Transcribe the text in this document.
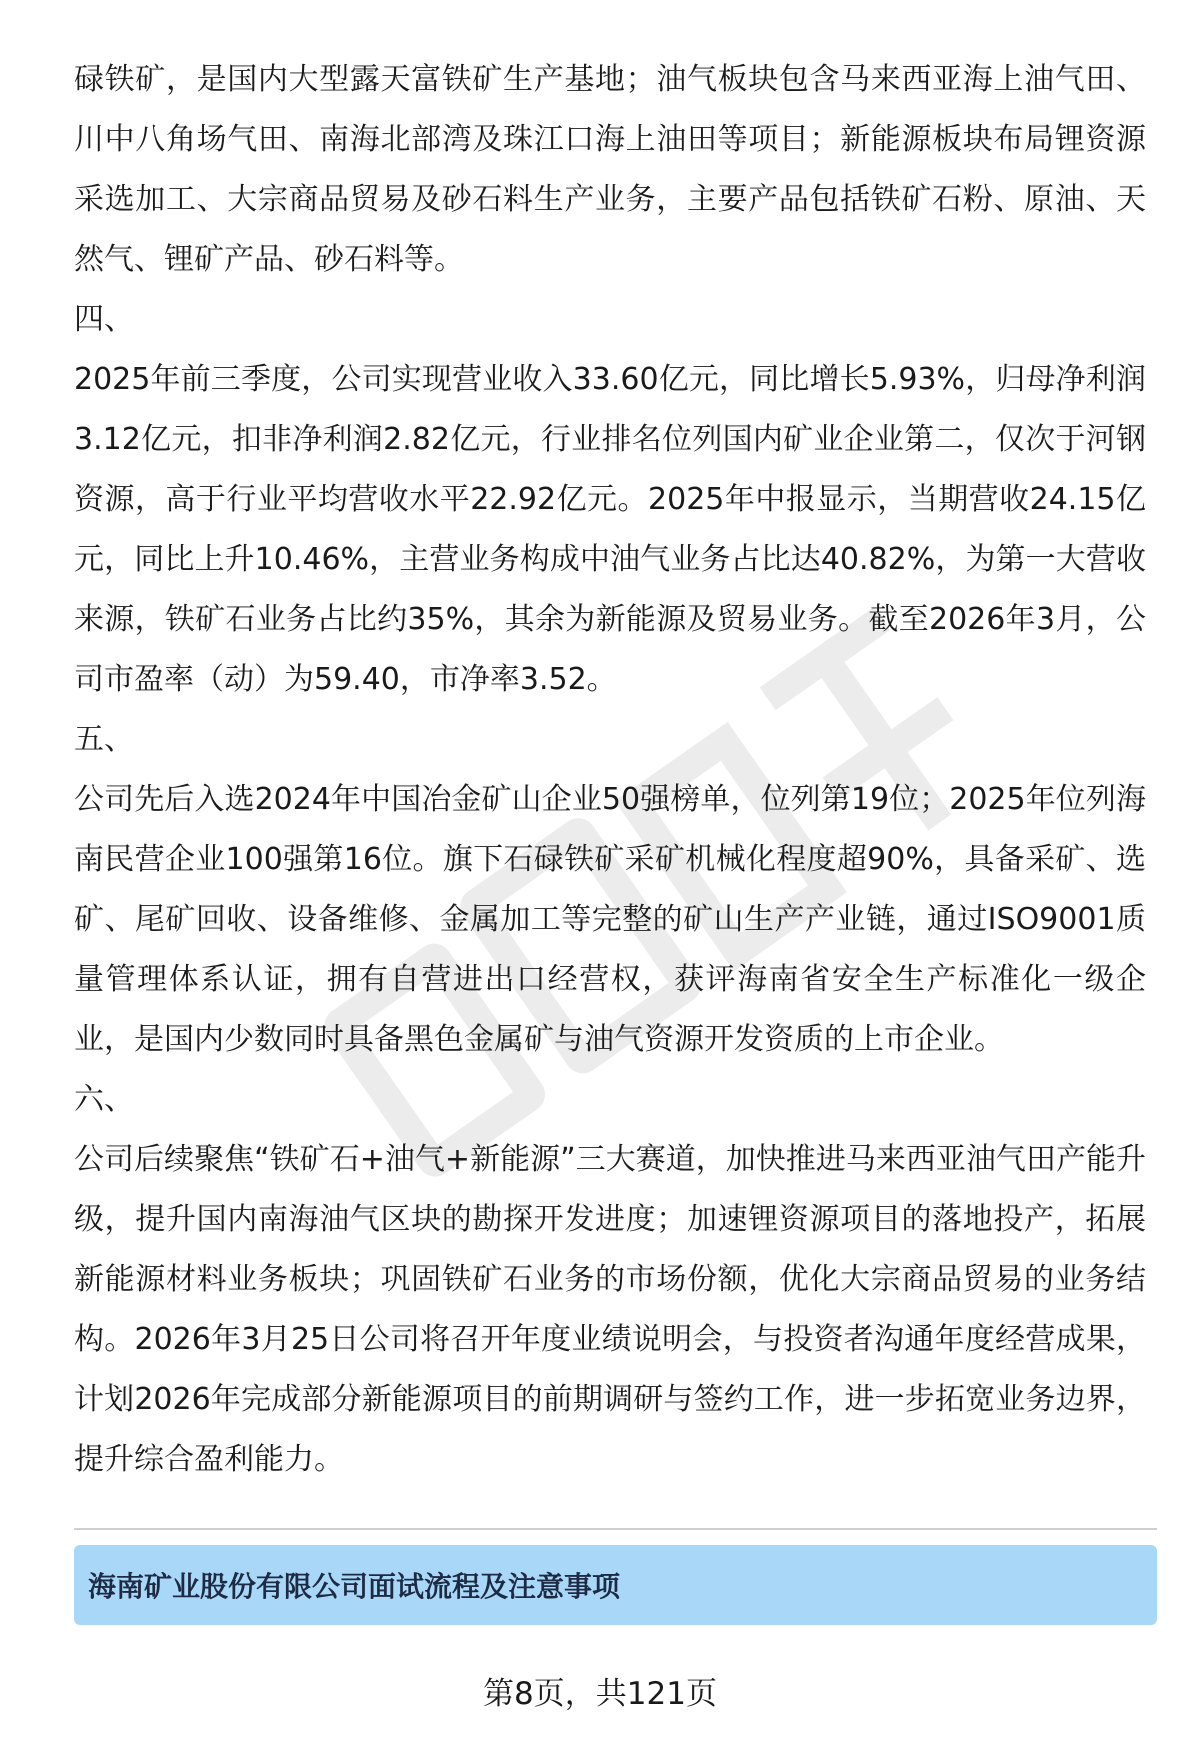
碌铁矿，是国内大型露天富铁矿生产基地；油气板块包含马来西亚海上油气田、川中八角场气田、南海北部湾及珠江口海上油田等项目；新能源板块布局锂资源采选加工、大宗商品贸易及砂石料生产业务，主要产品包括铁矿石粉、原油、天然气、锂矿产品、砂石料等。

四、

2025年前三季度，公司实现营业收入33.60亿元，同比增长5.93%，归母净利润3.12亿元，扣非净利润2.82亿元，行业排名位列国内矿业企业第二，仅次于河钢资源，高于行业平均营收水平22.92亿元。2025年中报显示，当期营收24.15亿元，同比上升10.46%，主营业务构成中油气业务占比达40.82%，为第一大营收来源，铁矿石业务占比约35%，其余为新能源及贸易业务。截至2026年3月，公司市盈率（动）为59.40，市净率3.52。

五、

公司先后入选2024年中国冶金矿山企业50强榜单，位列第19位；2025年位列海南民营企业100强第16位。旗下石碌铁矿采矿机械化程度超90%，具备采矿、选矿、尾矿回收、设备维修、金属加工等完整的矿山生产产业链，通过ISO9001质量管理体系认证，拥有自营进出口经营权，获评海南省安全生产标准化一级企业，是国内少数同时具备黑色金属矿与油气资源开发资质的上市企业。

六、

公司后续聚焦“铁矿石+油气+新能源”三大赛道，加快推进马来西亚油气田产能升级，提升国内南海油气区块的勘探开发进度；加速锂资源项目的落地投产，拓展新能源材料业务板块；巩固铁矿石业务的市场份额，优化大宗商品贸易的业务结构。2026年3月25日公司将召开年度业绩说明会，与投资者沟通年度经营成果，计划2026年完成部分新能源项目的前期调研与签约工作，进一步拓宽业务边界，提升综合盈利能力。

海南矿业股份有限公司面试流程及注意事项
第8页，共121页
